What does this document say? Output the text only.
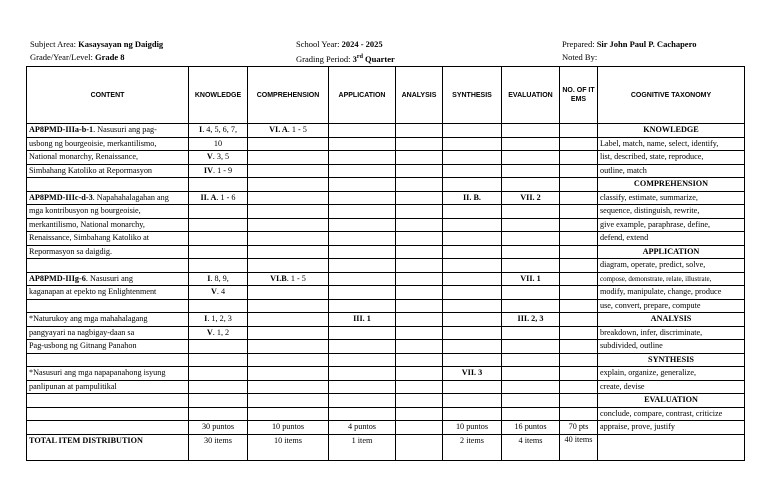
Subject Area: Kasaysayan ng Daigdig
Grade/Year/Level: Grade 8
School Year: 2024 - 2025
Grading Period: 3rd Quarter
Prepared: Sir John Paul P. Cachapero
Noted By:
CONTENT	KNOWLEDGE	COMPREHENSION	APPLICATION	ANALYSIS	SYNTHESIS	EVALUATION	NO. OF ITEMS	COGNITIVE TAXONOMY
AP8PMD-IIIa-b-1. Nasusuri ang pag-	I. 4, 5, 6, 7,	VI. A. 1 - 5						KNOWLEDGE
usbong ng bourgeoisie, merkantilismo,	10							Label, match, name, select, identify,
National monarchy, Renaissance,	V. 3, 5							list, described, state, reproduce,
Simbahang Katoliko at Repormasyon	IV. 1 - 9							outline, match
								COMPREHENSION
AP8PMD-IIIc-d-3. Napahahalagahan ang	II. A. 1 - 6				II. B.	VII. 2		classify, estimate, summarize,
mga kontribusyon ng bourgeoisie,								sequence, distinguish, rewrite,
merkantilismo, National monarchy,								give example, paraphrase, define,
Renaissance, Simbahang Katoliko at								defend, extend
Repormasyon sa daigdig.								APPLICATION
								diagram, operate, predict, solve,
AP8PMD-IIIg-6. Nasusuri ang	I. 8, 9,	VI.B. 1 - 5				VII. 1		compose, demonstrate, relate, illustrate,
kaganapan at epekto ng Enlightenment	V. 4							modify, manipulate, change, produce
								use, convert, prepare, compute
*Naturukoy ang mga mahahalagang	I. 1, 2, 3		III. 1			III. 2, 3		ANALYSIS
pangyayari na nagbigay-daan sa	V. 1, 2							breakdown, infer, discriminate,
Pag-usbong ng Gitnang Panahon								subdivided, outline
								SYNTHESIS
*Nasusuri ang mga napapanahong isyung					VII. 3			explain, organize, generalize,
panlipunan at pampulitikal								create, devise
								EVALUATION
								conclude, compare, contrast, criticize
	30 puntos	10 puntos	4 puntos		10 puntos	16 puntos	70 pts	appraise, prove, justify
TOTAL ITEM DISTRIBUTION	30 items	10 items	1 item		2 items	4 items	40 items	
